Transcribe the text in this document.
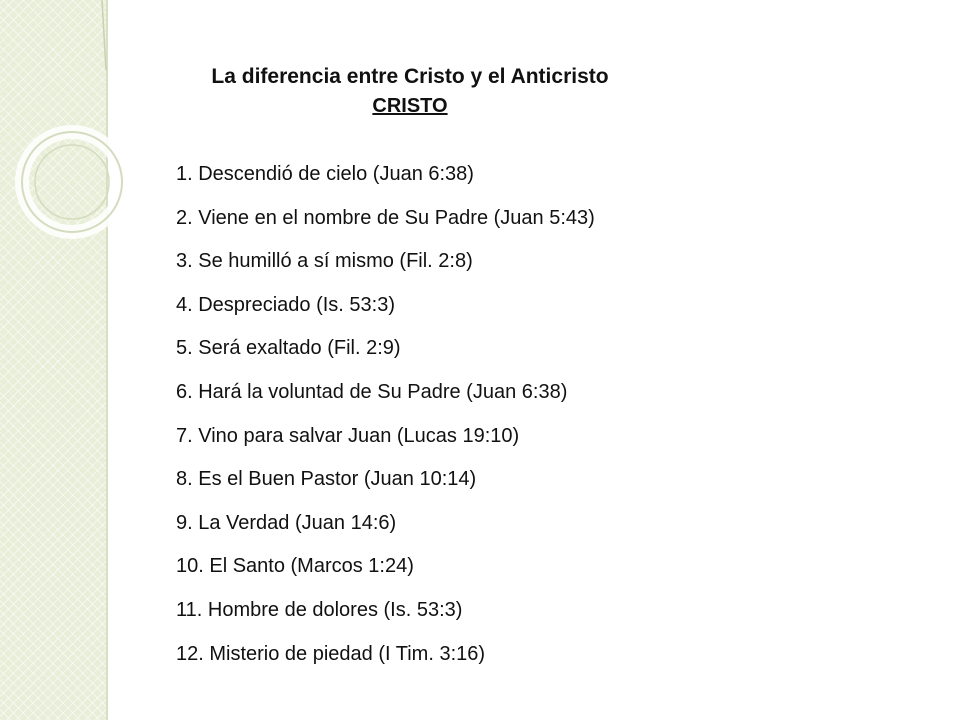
La diferencia entre Cristo y el Anticristo
CRISTO
1. Descendió de cielo (Juan 6:38)
2. Viene en el nombre de Su Padre (Juan 5:43)
3. Se humilló a sí mismo (Fil. 2:8)
4. Despreciado (Is. 53:3)
5. Será exaltado (Fil. 2:9)
6. Hará la voluntad de Su Padre (Juan 6:38)
7. Vino para salvar Juan (Lucas 19:10)
8. Es el Buen Pastor (Juan 10:14)
9. La Verdad (Juan 14:6)
10. El Santo (Marcos 1:24)
11. Hombre de dolores (Is. 53:3)
12. Misterio de piedad (I Tim. 3:16)
